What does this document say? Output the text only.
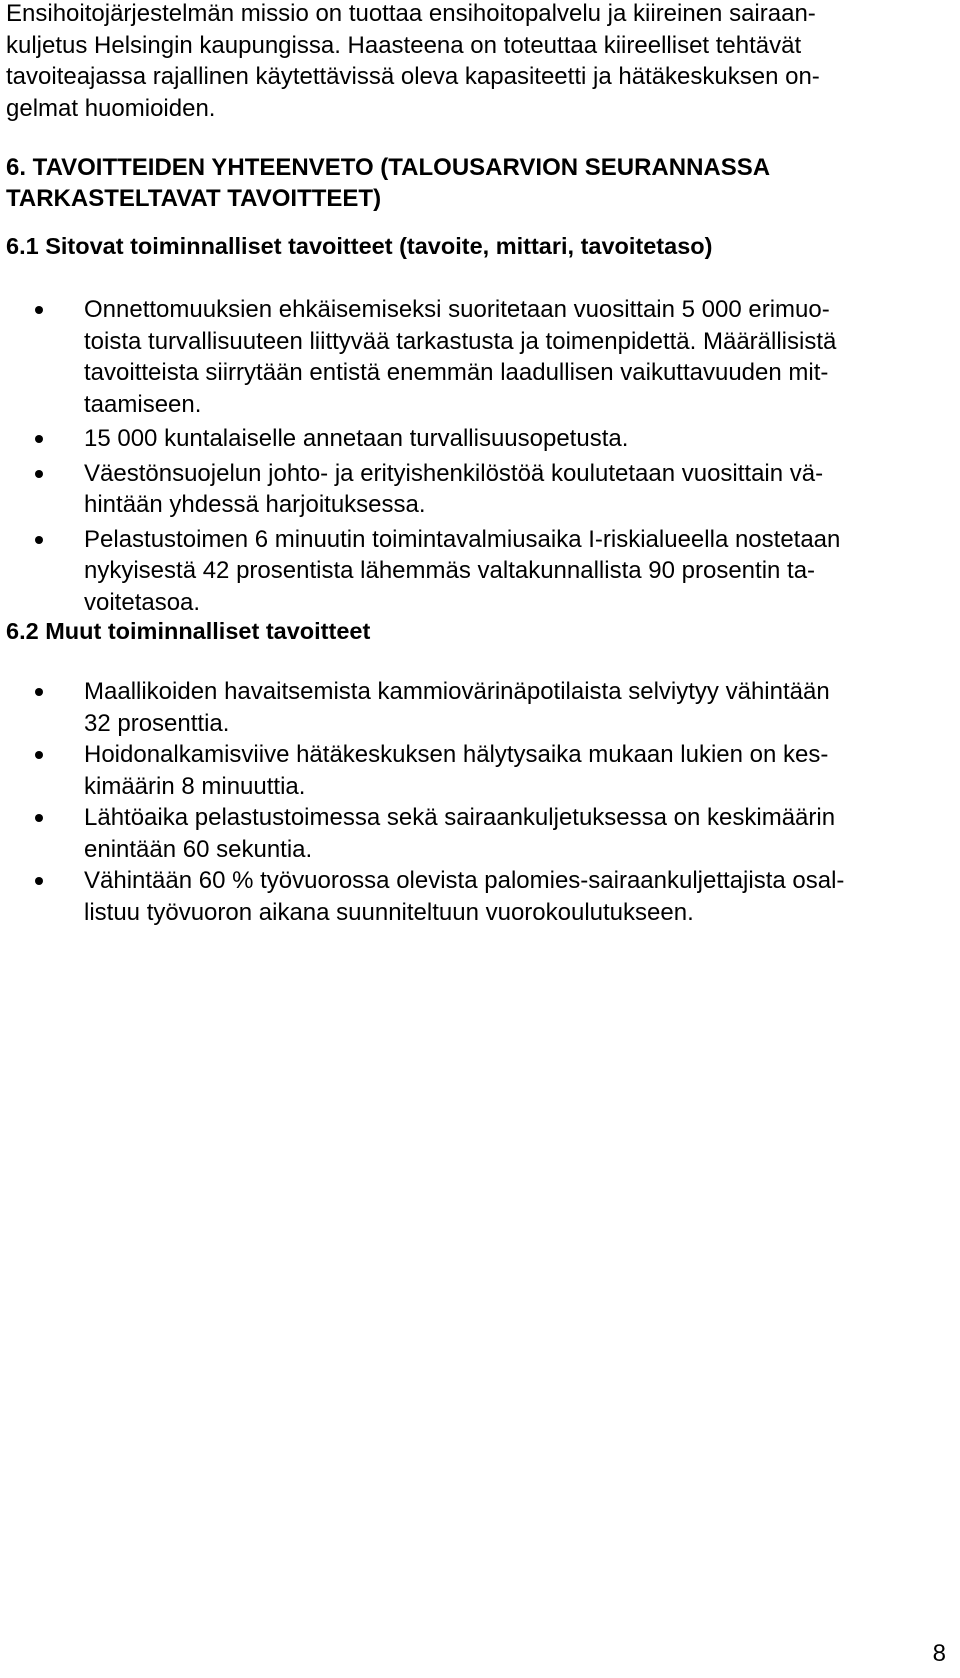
Ensihoitojärjestelmän missio on tuottaa ensihoitopalvelu ja kiireinen sairaan-
kuljetus Helsingin kaupungissa. Haasteena on toteuttaa kiireelliset tehtävät
tavoiteajassa rajallinen käytettävissä oleva kapasiteetti ja hätäkeskuksen on-
gelmat huomioiden.

6. TAVOITTEIDEN YHTEENVETO (TALOUSARVION SEURANNASSA
TARKASTELTAVAT TAVOITTEET)
6.1 Sitovat toiminnalliset tavoitteet (tavoite, mittari, tavoitetaso)
Onnettomuuksien ehkäisemiseksi suoritetaan vuosittain 5 000 erimuo-
toista turvallisuuteen liittyvää tarkastusta ja toimenpidettä. Määrällisistä
tavoitteista siirrytään entistä enemmän laadullisen vaikuttavuuden mit-
taamiseen.
15 000 kuntalaiselle annetaan turvallisuusopetusta.
Väestönsuojelun johto- ja erityishenkilöstöä koulutetaan vuosittain vä-
hintään yhdessä harjoituksessa.
Pelastustoimen 6 minuutin toimintavalmiusaika I-riskialueella nostetaan
nykyisestä 42 prosentista lähemmäs valtakunnallista 90 prosentin ta-
voitetasoa.
6.2 Muut toiminnalliset tavoitteet
Maallikoiden havaitsemista kammiovärinäpotilaista selviytyy vähintään
32 prosenttia.
Hoidonalkamisviive hätäkeskuksen hälytysaika mukaan lukien on kes-
kimäärin 8 minuuttia.
Lähtöaika pelastustoimessa sekä sairaankuljetuksessa on keskimäärin
enintään 60 sekuntia.
Vähintään 60 % työvuorossa olevista palomies-sairaankuljettajista osal-
listuu työvuoron aikana suunniteltuun vuorokoulutukseen.
8
